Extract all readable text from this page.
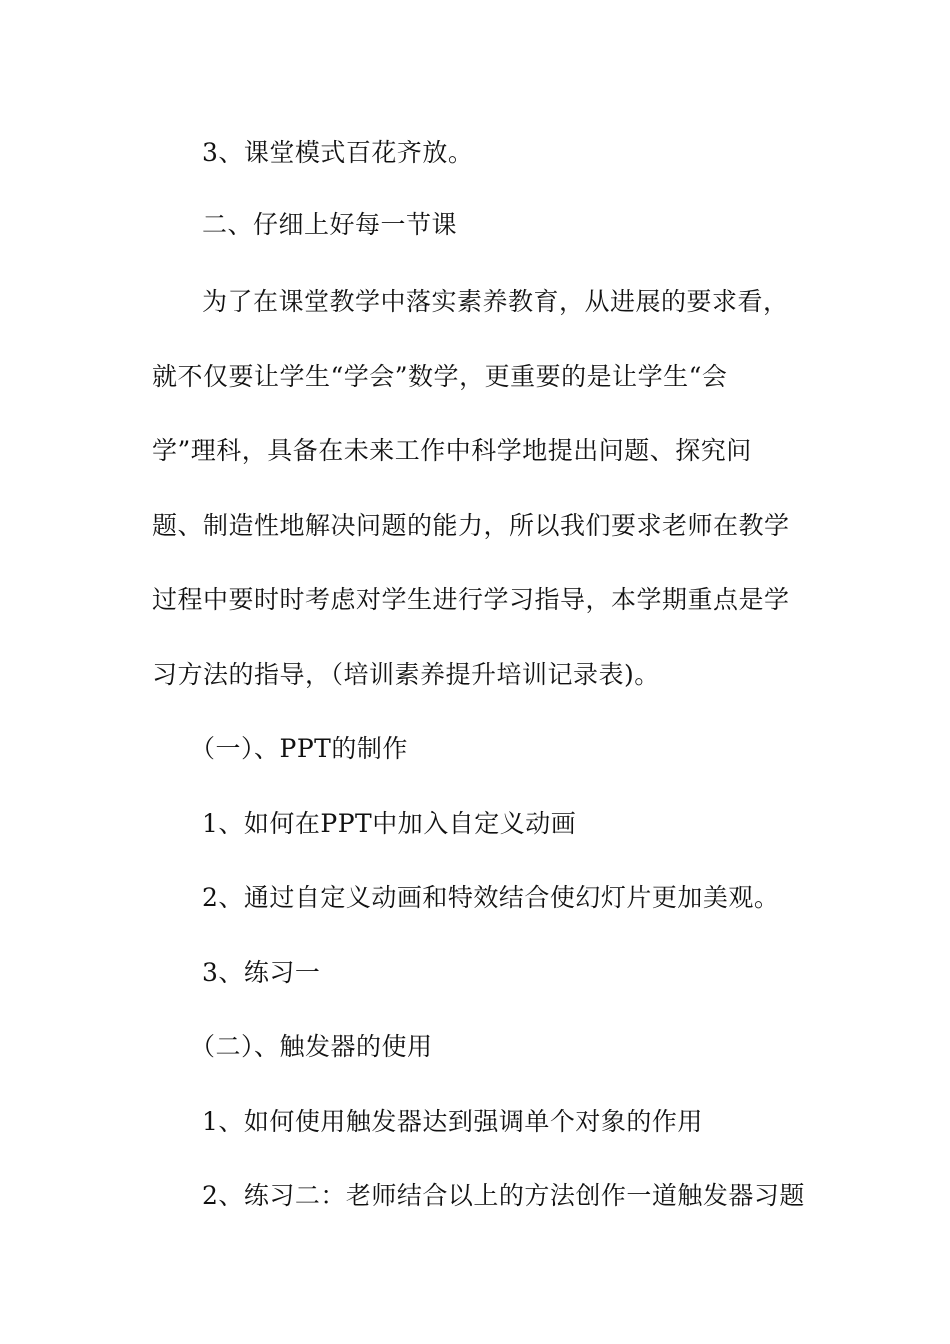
3、课堂模式百花齐放。
二、仔细上好每一节课
为了在课堂教学中落实素养教育，从进展的要求看，
就不仅要让学生“学会”数学，更重要的是让学生“会
学”理科，具备在未来工作中科学地提出问题、探究问
题、制造性地解决问题的能力，所以我们要求老师在教学
过程中要时时考虑对学生进行学习指导，本学期重点是学
习方法的指导，（培训素养提升培训记录表)。
（一）、PPT的制作
1、如何在PPT中加入自定义动画
2、通过自定义动画和特效结合使幻灯片更加美观。
3、练习一
（二）、触发器的使用
1、如何使用触发器达到强调单个对象的作用
2、练习二：老师结合以上的方法创作一道触发器习题
